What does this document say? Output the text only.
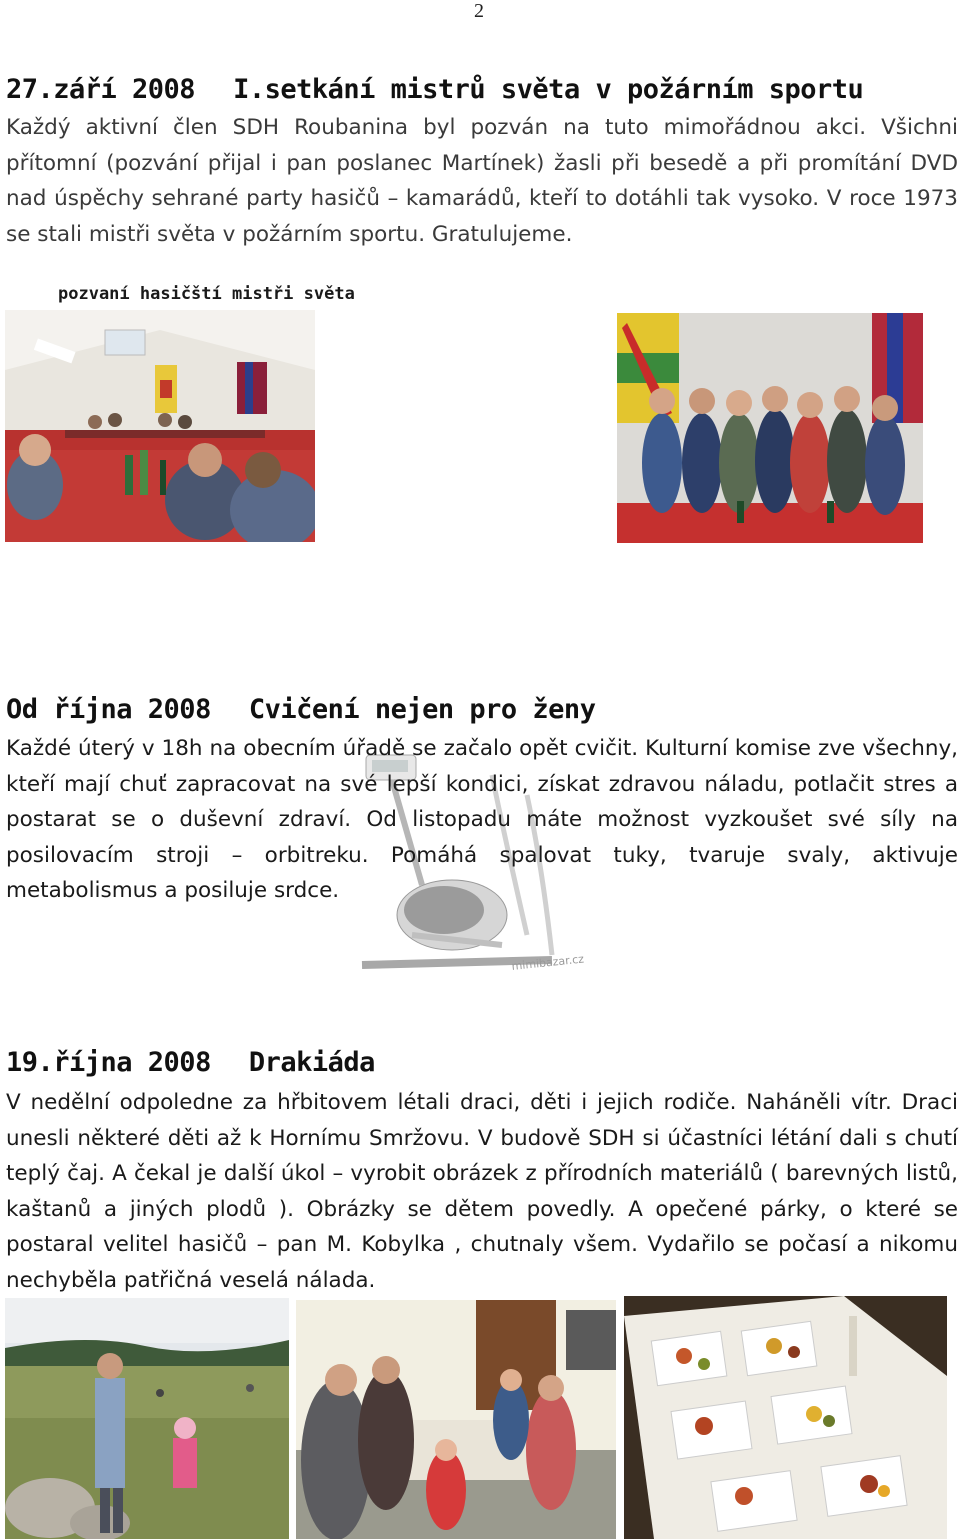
2
27.září 2008 I.setkání mistrů světa v požárním sportu
Každý aktivní člen SDH Roubanina byl pozván na tuto mimořádnou akci. Všichni přítomní (pozvání přijal i pan poslanec Martínek) žasli při besedě a při promítání DVD nad úspěchy sehrané party hasičů – kamarádů, kteří to dotáhli tak vysoko. V roce 1973 se stali mistři světa v požárním sportu. Gratulujeme.
pozvaní hasičští mistři světa
Od října 2008 Cvičení nejen pro ženy
mimibazar.cz
Každé úterý v 18h na obecním úřadě se začalo opět cvičit. Kulturní komise zve všechny, kteří mají chuť zapracovat na své lepší kondici, získat zdravou náladu, potlačit stres a postarat se o duševní zdraví. Od listopadu máte možnost vyzkoušet své síly na posilovacím stroji – orbitreku. Pomáhá spalovat tuky, tvaruje svaly, aktivuje metabolismus a posiluje srdce.
19.října 2008 Drakiáda
V nedělní odpoledne za hřbitovem létali draci, děti i jejich rodiče. Naháněli vítr. Draci unesli některé děti až k Hornímu Smržovu. V budově SDH si účastníci létání dali s chutí teplý čaj. A čekal je další úkol – vyrobit obrázek z přírodních materiálů ( barevných listů, kaštanů a jiných plodů ). Obrázky se dětem povedly. A opečené párky, o které se postaral velitel hasičů – pan M. Kobylka , chutnaly všem. Vydařilo se počasí a nikomu nechyběla patřičná veselá nálada.
